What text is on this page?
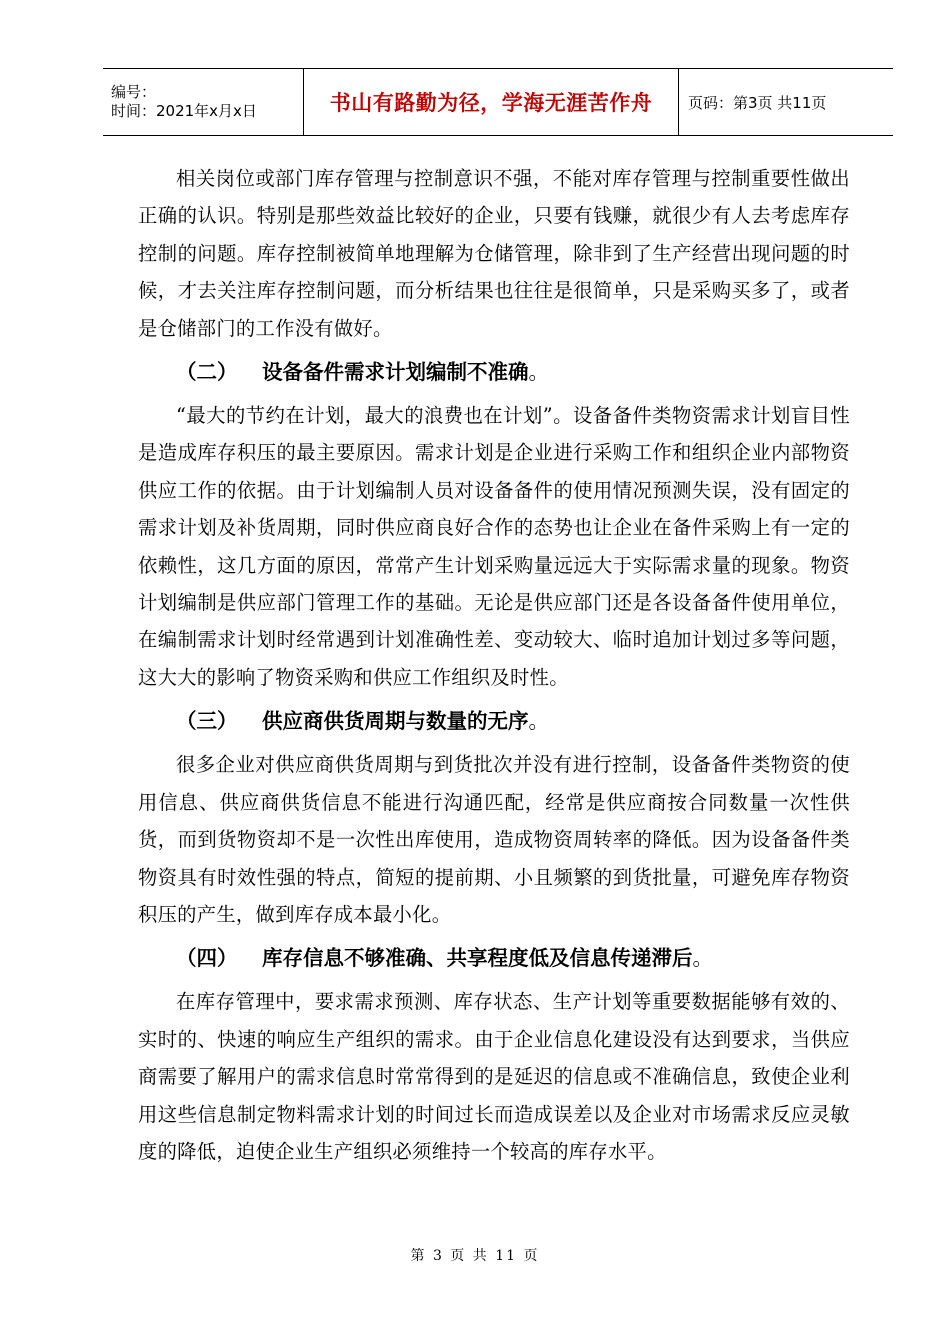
编号：
时间：2021年x月x日	书山有路勤为径，学海无涯苦作舟 页码：第3页 共11页

相关岗位或部门库存管理与控制意识不强，不能对库存管理与控制重要性做出正确的认识。特别是那些效益比较好的企业，只要有钱赚，就很少有人去考虑库存控制的问题。库存控制被简单地理解为仓储管理，除非到了生产经营出现问题的时候，才去关注库存控制问题，而分析结果也往往是很简单，只是采购买多了，或者是仓储部门的工作没有做好。

（二） 设备备件需求计划编制不准确。

“最大的节约在计划，最大的浪费也在计划”。设备备件类物资需求计划盲目性是造成库存积压的最主要原因。需求计划是企业进行采购工作和组织企业内部物资供应工作的依据。由于计划编制人员对设备备件的使用情况预测失误，没有固定的需求计划及补货周期，同时供应商良好合作的态势也让企业在备件采购上有一定的依赖性，这几方面的原因，常常产生计划采购量远远大于实际需求量的现象。物资计划编制是供应部门管理工作的基础。无论是供应部门还是各设备备件使用单位，在编制需求计划时经常遇到计划准确性差、变动较大、临时追加计划过多等问题，这大大的影响了物资采购和供应工作组织及时性。

（三） 供应商供货周期与数量的无序。

很多企业对供应商供货周期与到货批次并没有进行控制，设备备件类物资的使用信息、供应商供货信息不能进行沟通匹配，经常是供应商按合同数量一次性供货，而到货物资却不是一次性出库使用，造成物资周转率的降低。因为设备备件类物资具有时效性强的特点，简短的提前期、小且频繁的到货批量，可避免库存物资积压的产生，做到库存成本最小化。

（四） 库存信息不够准确、共享程度低及信息传递滞后。

在库存管理中，要求需求预测、库存状态、生产计划等重要数据能够有效的、实时的、快速的响应生产组织的需求。由于企业信息化建设没有达到要求，当供应商需要了解用户的需求信息时常常得到的是延迟的信息或不准确信息，致使企业利用这些信息制定物料需求计划的时间过长而造成误差以及企业对市场需求反应灵敏度的降低，迫使企业生产组织必须维持一个较高的库存水平。

第 3 页 共 11 页
